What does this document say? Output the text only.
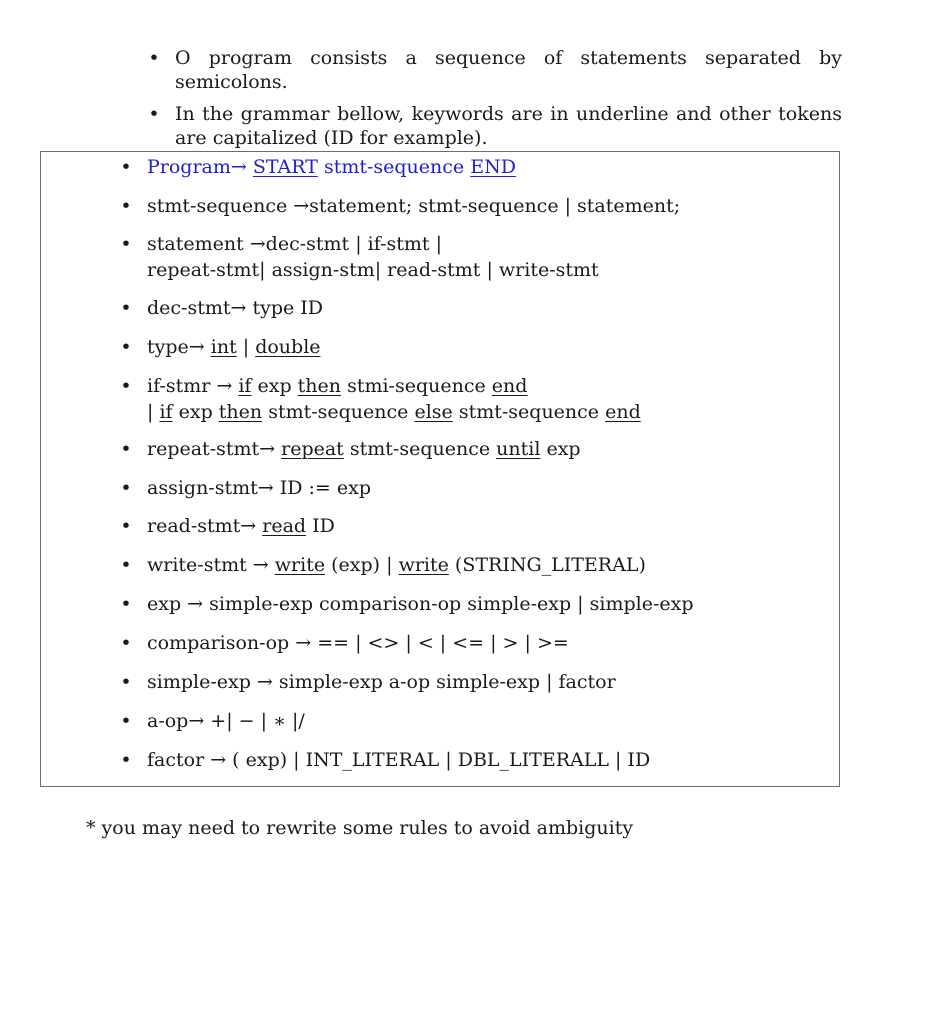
• O program consists a sequence of statements separated by semicolons.
• In the grammar bellow, keywords are in underline and other tokens are capitalized (ID for example).
• Program→ START stmt-sequence END
• stmt-sequence →statement; stmt-sequence | statement;
• statement →dec-stmt | if-stmt |
repeat-stmt| assign-stm| read-stmt | write-stmt
• dec-stmt→ type ID
• type→ int | double
• if-stmr → if exp then stmi-sequence end
| if exp then stmt-sequence else stmt-sequence end
• repeat-stmt→ repeat stmt-sequence until exp
• assign-stmt→ ID := exp
• read-stmt→ read ID
• write-stmt → write (exp) | write (STRING_LITERAL)
• exp → simple-exp comparison-op simple-exp | simple-exp
• comparison-op → == | <> | < | <= | > | >=
• simple-exp → simple-exp a-op simple-exp | factor
• a-op→ +| − | ∗ |/
• factor → ( exp) | INT_LITERAL | DBL_LITERALL | ID
* you may need to rewrite some rules to avoid ambiguity
